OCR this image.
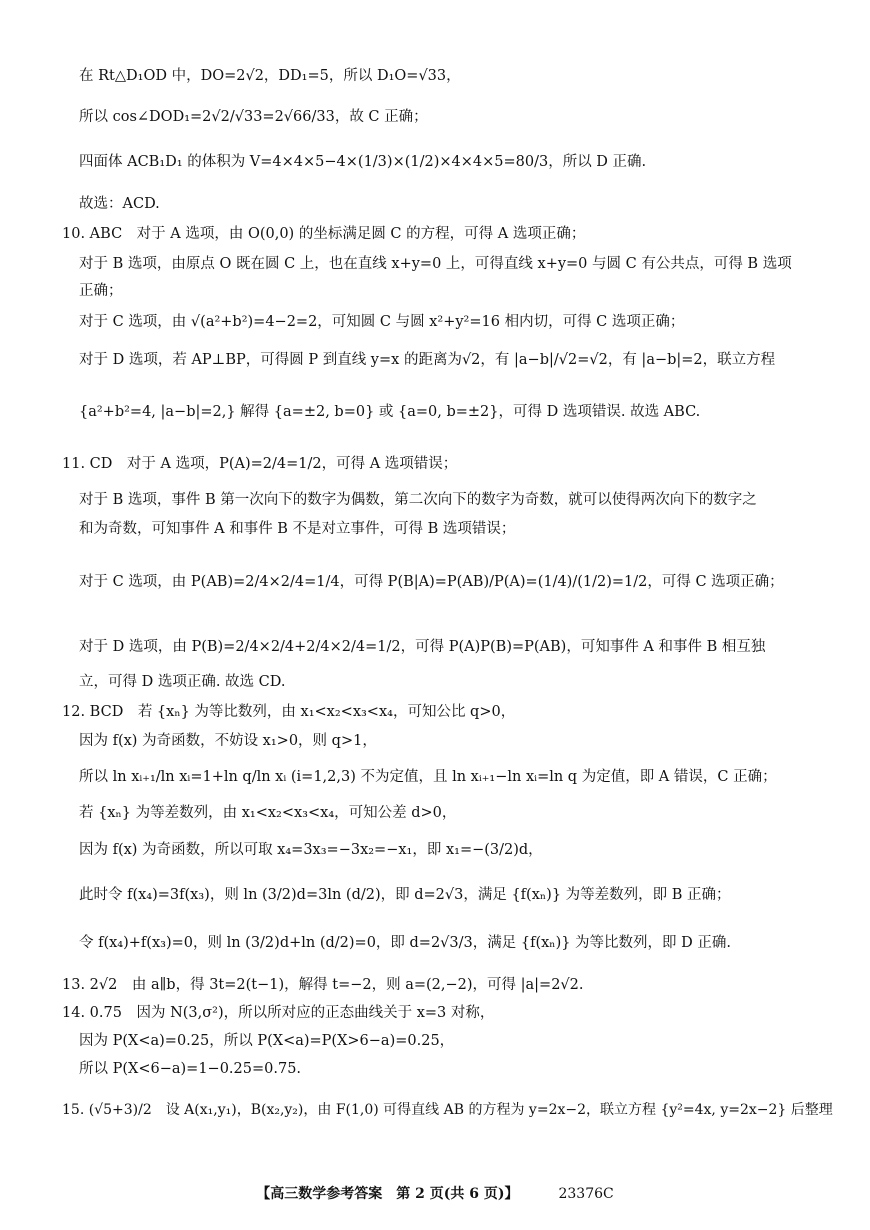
在 Rt△D₁OD 中，DO=2√2，DD₁=5，所以 D₁O=√33，
所以 cos∠DOD₁=2√2/√33=2√66/33，故 C 正确；
四面体 ACB₁D₁ 的体积为 V=4×4×5−4×(1/3)×(1/2)×4×4×5=80/3，所以 D 正确.
故选：ACD.
10. ABC　对于 A 选项，由 O(0,0) 的坐标满足圆 C 的方程，可得 A 选项正确；
对于 B 选项，由原点 O 既在圆 C 上，也在直线 x+y=0 上，可得直线 x+y=0 与圆 C 有公共点，可得 B 选项
正确；
对于 C 选项，由 √(a²+b²)=4−2=2，可知圆 C 与圆 x²+y²=16 相内切，可得 C 选项正确；
对于 D 选项，若 AP⊥BP，可得圆 P 到直线 y=x 的距离为√2，有 |a−b|/√2=√2，有 |a−b|=2，联立方程
{a²+b²=4, |a−b|=2,} 解得 {a=±2, b=0} 或 {a=0, b=±2}，可得 D 选项错误. 故选 ABC.
11. CD　对于 A 选项，P(A)=2/4=1/2，可得 A 选项错误；
对于 B 选项，事件 B 第一次向下的数字为偶数，第二次向下的数字为奇数，就可以使得两次向下的数字之
和为奇数，可知事件 A 和事件 B 不是对立事件，可得 B 选项错误；
对于 C 选项，由 P(AB)=2/4×2/4=1/4，可得 P(B|A)=P(AB)/P(A)=(1/4)/(1/2)=1/2，可得 C 选项正确；
对于 D 选项，由 P(B)=2/4×2/4+2/4×2/4=1/2，可得 P(A)P(B)=P(AB)，可知事件 A 和事件 B 相互独
立，可得 D 选项正确. 故选 CD.
12. BCD　若 {xₙ} 为等比数列，由 x₁<x₂<x₃<x₄，可知公比 q>0，
因为 f(x) 为奇函数，不妨设 x₁>0，则 q>1，
所以 ln xᵢ₊₁/ln xᵢ=1+ln q/ln xᵢ (i=1,2,3) 不为定值，且 ln xᵢ₊₁−ln xᵢ=ln q 为定值，即 A 错误，C 正确；
若 {xₙ} 为等差数列，由 x₁<x₂<x₃<x₄，可知公差 d>0，
因为 f(x) 为奇函数，所以可取 x₄=3x₃=−3x₂=−x₁，即 x₁=−(3/2)d，
此时令 f(x₄)=3f(x₃)，则 ln (3/2)d=3ln (d/2)，即 d=2√3，满足 {f(xₙ)} 为等差数列，即 B 正确；
令 f(x₄)+f(x₃)=0，则 ln (3/2)d+ln (d/2)=0，即 d=2√3/3，满足 {f(xₙ)} 为等比数列，即 D 正确.
13. 2√2　由 a∥b，得 3t=2(t−1)，解得 t=−2，则 a=(2,−2)，可得 |a|=2√2.
14. 0.75　因为 N(3,σ²)，所以所对应的正态曲线关于 x=3 对称，
因为 P(X<a)=0.25，所以 P(X<a)=P(X>6−a)=0.25，
所以 P(X<6−a)=1−0.25=0.75.
15. (√5+3)/2　设 A(x₁,y₁)，B(x₂,y₂)，由 F(1,0) 可得直线 AB 的方程为 y=2x−2，联立方程 {y²=4x, y=2x−2} 后整理
【高三数学参考答案　第 2 页(共 6 页)】	23376C
